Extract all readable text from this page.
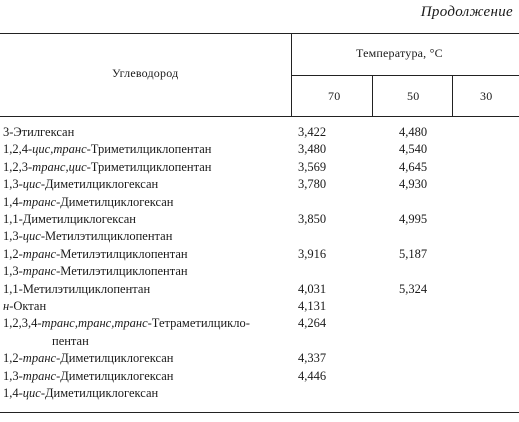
Продолжение
Углеводород
Температура, °С
70	50	30
3-Этилгексан	3,422	4,480
1,2,4-цис,транс-Триметилциклопентан	3,480	4,540
1,2,3-транс,цис-Триметилциклопентан	3,569	4,645
1,3-цис-Диметилциклогексан	3,780	4,930
1,4-транс-Диметилциклогексан
1,1-Диметилциклогексан	3,850	4,995
1,3-цис-Метилэтилциклопентан
1,2-транс-Метилэтилциклопентан	3,916	5,187
1,3-транс-Метилэтилциклопентан
1,1-Метилэтилциклопентан	4,031	5,324
н-Октан	4,131
1,2,3,4-транс,транс,транс-Тетраметилцикло-	4,264
пентан
1,2-транс-Диметилциклогексан	4,337
1,3-транс-Диметилциклогексан	4,446
1,4-цис-Диметилциклогексан
